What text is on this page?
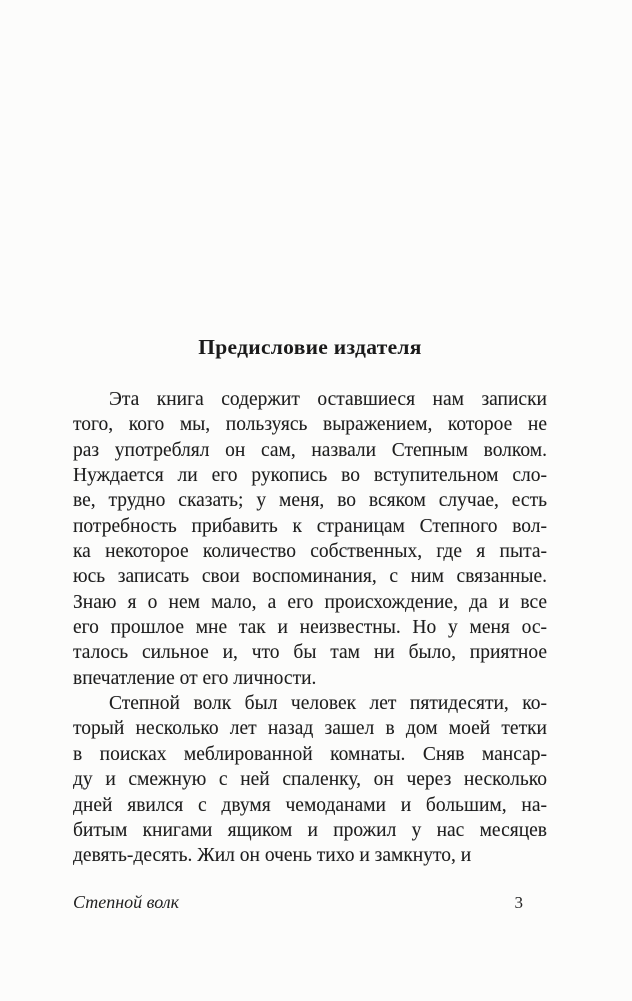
Предисловие издателя
Эта книга содержит оставшиеся нам записки
того, кого мы, пользуясь выражением, которое не
раз употреблял он сам, назвали Степным волком.
Нуждается ли его рукопись во вступительном сло-
ве, трудно сказать; у меня, во всяком случае, есть
потребность прибавить к страницам Степного вол-
ка некоторое количество собственных, где я пыта-
юсь записать свои воспоминания, с ним связанные.
Знаю я о нем мало, а его происхождение, да и все
его прошлое мне так и неизвестны. Но у меня ос-
талось сильное и, что бы там ни было, приятное
впечатление от его личности.
Степной волк был человек лет пятидесяти, ко-
торый несколько лет назад зашел в дом моей тетки
в поисках меблированной комнаты. Сняв мансар-
ду и смежную с ней спаленку, он через несколько
дней явился с двумя чемоданами и большим, на-
битым книгами ящиком и прожил у нас месяцев
девять-десять. Жил он очень тихо и замкнуто, и
Степной волк	3
